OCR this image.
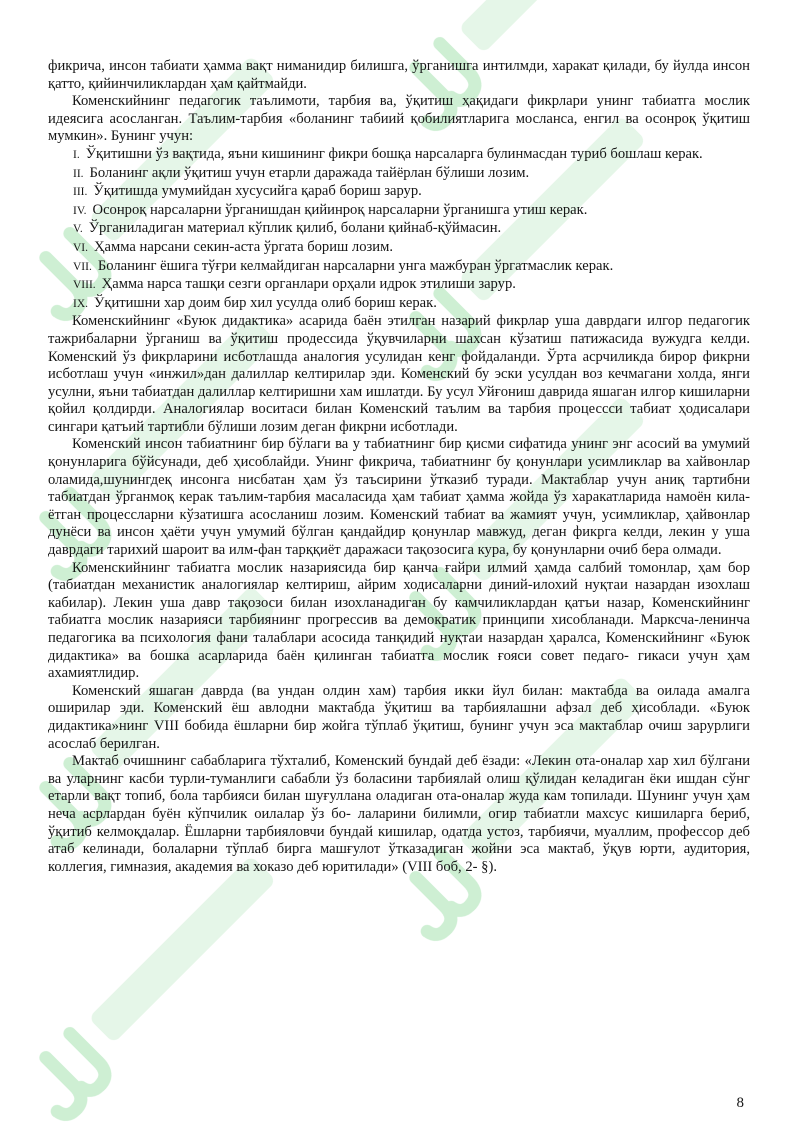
фикрича, инсон табиати ҳамма вақт ниманидир билишга, ўрганишга интилмди, харакат қилади, бу йулда инсон қатто, қийинчиликлардан ҳам қайтмайди.

Коменскийнинг педагогик таълимоти, тарбия ва, ўқитиш ҳақидаги фикрлари унинг табиатга мослик идеясига асосланган. Таълим-тарбия «боланинг табиий қобилиятларига мосланса, енгил ва осонроқ ўқитиш мумкин». Бунинг учун:

I. Ўқитишни ўз вақтида, яъни кишининг фикри бошқа нарсаларга булинмасдан туриб бошлаш керак.
II. Боланинг ақли ўқитиш учун етарли даражада тайёрлан бўлиши лозим.
III. Ўқитишда умумийдан хусусийга қараб бориш зарур.
IV. Осонроқ нарсаларни ўрганишдан қийинроқ нарсаларни ўрганишга утиш керак.
V. Ўрганиладиган материал кўплик қилиб, болани қийнаб-қўймасин.
VI. Ҳамма нарсани секин-аста ўргата бориш лозим.
VII. Боланинг ёшига тўғри келмайдиган нарсаларни унга мажбуран ўргатмаслик керак.
VIII. Ҳамма нарса ташқи сезги органлари орҳали идрок этилиши зарур.
IX. Ўқитишни хар доим бир хил усулда олиб бориш керак.

Коменскийнинг «Буюк дидактика» асарида баён этилган назарий фикрлар уша даврдаги илгор педагогик тажрибаларни ўрганиш ва ўқитиш продессида ўқувчиларни шахсан кўзатиш патижасида вужудга келди. Коменский ўз фикрларини исботлашда аналогия усулидан кенг фойдаланди. Ўрта асрчиликда бирор фикрни исботлаш учун «инжил»дан далиллар келтирилар эди. Коменский бу эски усулдан воз кечмагани холда, янги усулни, яъни табиатдан далиллар келтиришни хам ишлатди. Бу усул Уйғониш даврида яшаган илгор кишиларни қойил қолдирди. Аналогиялар воситаси билан Коменский таълим ва тарбия процессси табиат ҳодисалари сингари қатъий тартибли бўлиши лозим деган фикрни исботлади.

Коменский инсон табиатнинг бир бўлаги ва у табиатнинг бир қисми сифатида унинг энг асосий ва умумий қонунларига бўйсунади, деб ҳисоблайди. Унинг фикрича, табиатнинг бу қонунлари усимликлар ва хайвонлар оламида,шунингдеқ инсонга нисбатан ҳам ўз таъсирини ўтказиб туради. Мактаблар учун аниқ тартибни табиатдан ўрганмоқ керак таълим-тарбия масаласида ҳам табиат ҳамма жойда ўз харакатларида намоён кила- ётган процессларни кўзатишга асосланиш лозим. Коменский табиат ва жамият учун, усимликлар, ҳайвонлар дунёси ва инсон ҳаёти учун умумий бўлган қандайдир қонунлар мавжуд, деган фикрга келди, лекин у уша даврдаги тарихий шароит ва илм-фан тарққиёт даражаси тақозосига кура, бу қонунларни очиб бера олмади.

Коменскийнинг табиатга мослик назариясида бир қанча ғайри илмий ҳамда салбий томонлар, ҳам бор (табиатдан механистик аналогиялар келтириш, айрим ходисаларни диний-илохий нуқтаи назардан изохлаш кабилар). Лекин уша давр тақозоси билан изохланадиган бу камчиликлардан қатъи назар, Коменскийнинг табиатга мослик назарияси тарбиянинг прогрессив ва демократик принципи хисобланади. Марксча-ленинча педагогика ва психология фани талаблари асосида танқидий нуқтаи назардан ҳаралса, Коменскийнинг «Буюк дидактика» ва бошка асарларида баён қилинган табиатга мослик ғояси совет педаго- гикаси учун ҳам ахамиятлидир.

Коменский яшаган даврда (ва ундан олдин хам) тарбия икки йул билан: мактабда ва оилада амалга оширилар эди. Коменский ёш авлодни мактабда ўқитиш ва тарбиялашни афзал деб ҳисоблади. «Буюк дидактика»нинг VIII бобида ёшларни бир жойга тўплаб ўқитиш, бунинг учун эса мактаблар очиш зарурлиги асослаб берилган.

Мактаб очишнинг сабабларига тўхталиб, Коменский бундай деб ёзади: «Лекин ота-оналар хар хил бўлгани ва уларнинг касби турли-туманлиги сабабли ўз боласини тарбиялай олиш қўлидан келадиган ёки ишдан сўнг етарли вақт топиб, бола тарбияси билан шуғуллана оладиган ота-оналар жуда кам топилади. Шунинг учун ҳам неча асрлардан буён кўпчилик оилалар ўз бо- лаларини билимли, огир табиатли махсус кишиларга бериб, ўқитиб келмоқдалар. Ёшларни тарбияловчи бундай кишилар, одатда устоз, тарбиячи, муаллим, профессор деб атаб келинади, болаларни тўплаб бирга машғулот ўтказадиган жойни эса мактаб, ўқув юрти, аудитория, коллегия, гимназия, академия ва хоказо деб юритилади» (VIII боб, 2- §).

8
